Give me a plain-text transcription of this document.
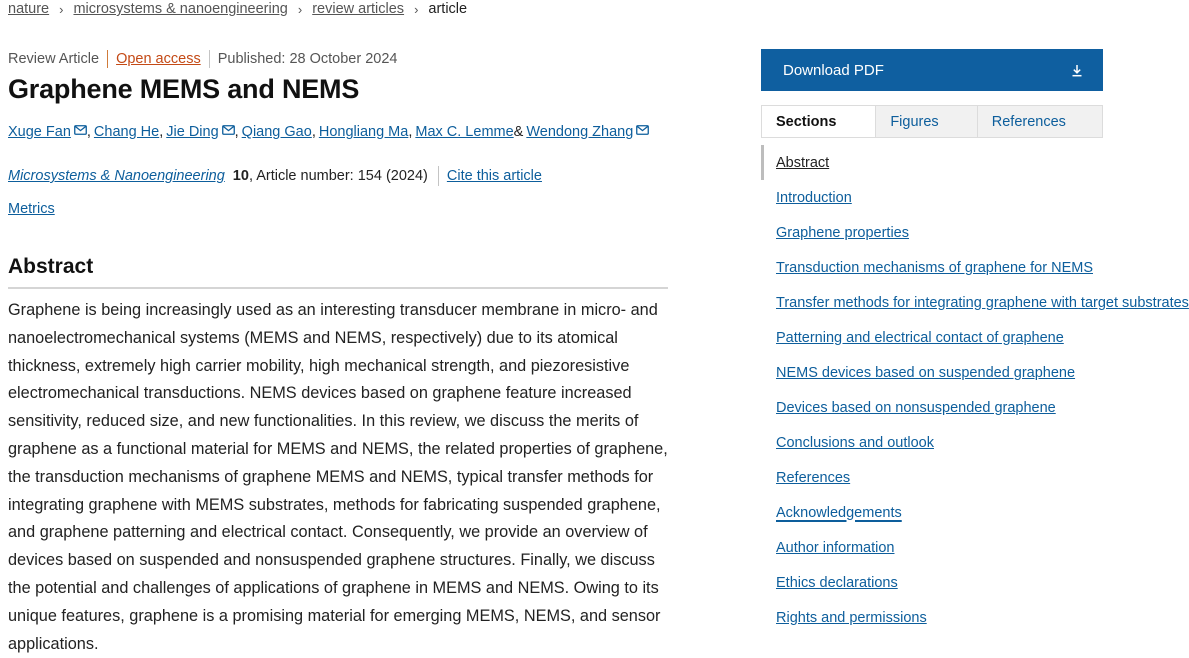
nature › microsystems & nanoengineering › review articles › article
Review Article Open access Published: 28 October 2024
Graphene MEMS and NEMS
Xuge Fan , Chang He , Jie Ding , Qiang Gao , Hongliang Ma , Max C. Lemme & Wendong Zhang
Microsystems & Nanoengineering 10 , Article number: 154 (2024) Cite this article
Metrics
Abstract

Graphene is being increasingly used as an interesting transducer membrane in micro- and nanoelectromechanical systems (MEMS and NEMS, respectively) due to its atomical thickness, extremely high carrier mobility, high mechanical strength, and piezoresistive electromechanical transductions. NEMS devices based on graphene feature increased sensitivity, reduced size, and new functionalities. In this review, we discuss the merits of graphene as a functional material for MEMS and NEMS, the related properties of graphene, the transduction mechanisms of graphene MEMS and NEMS, typical transfer methods for integrating graphene with MEMS substrates, methods for fabricating suspended graphene, and graphene patterning and electrical contact. Consequently, we provide an overview of devices based on suspended and nonsuspended graphene structures. Finally, we discuss the potential and challenges of applications of graphene in MEMS and NEMS. Owing to its unique features, graphene is a promising material for emerging MEMS, NEMS, and sensor applications.

Download PDF
Sections	Figures	References
Abstract
Introduction
Graphene properties
Transduction mechanisms of graphene for NEMS
Transfer methods for integrating graphene with target substrates
Patterning and electrical contact of graphene
NEMS devices based on suspended graphene
Devices based on nonsuspended graphene
Conclusions and outlook
References
Acknowledgements
Author information
Ethics declarations
Rights and permissions
